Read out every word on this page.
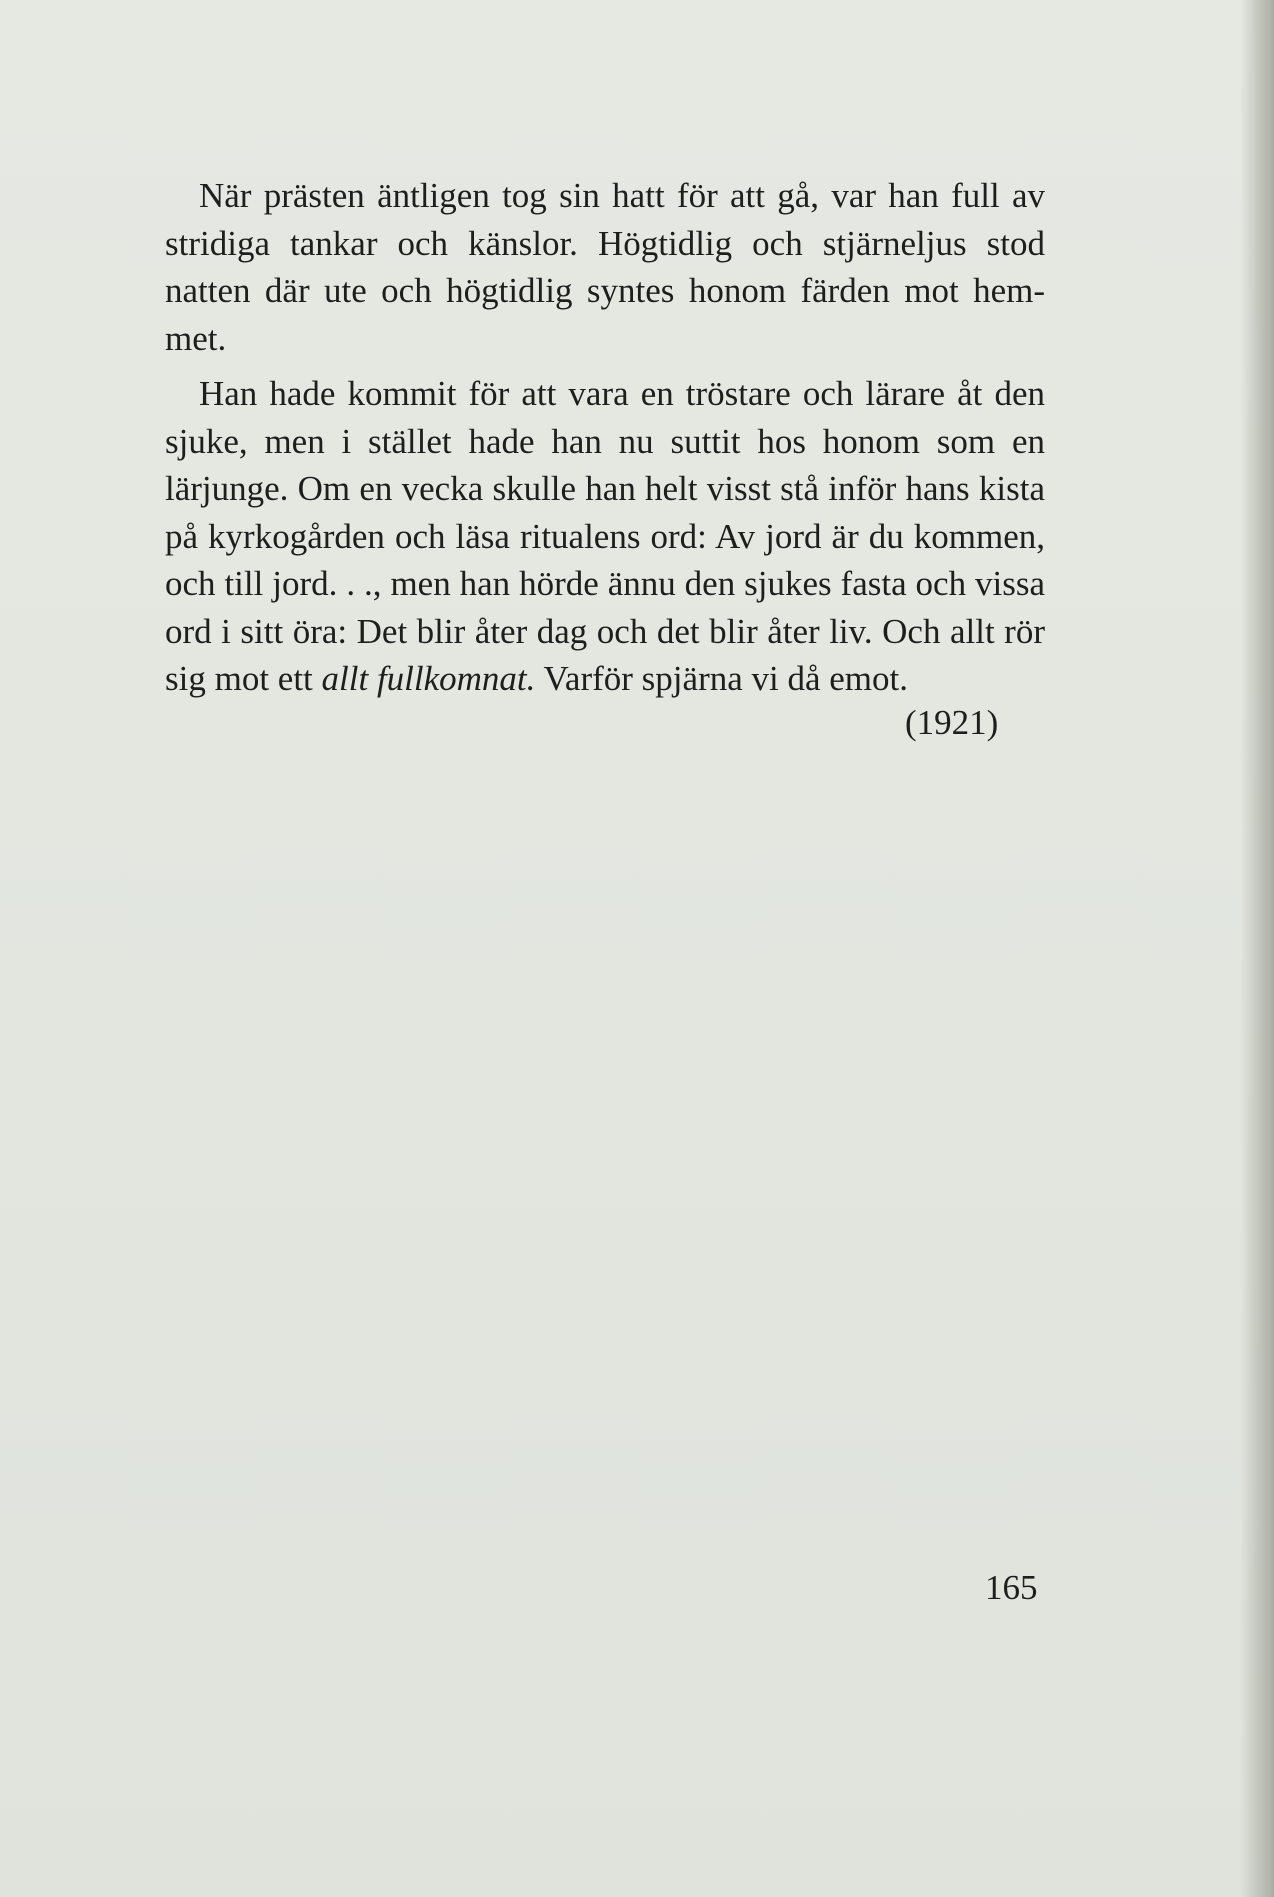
När prästen äntligen tog sin hatt för att gå, var han full av stridiga tankar och känslor. Högtidlig och stjärneljus stod natten där ute och högtidlig syntes honom färden mot hem-met.

Han hade kommit för att vara en tröstare och lärare åt den sjuke, men i stället hade han nu suttit hos honom som en lärjunge. Om en vecka skulle han helt visst stå inför hans kista på kyrkogården och läsa ritualens ord: Av jord är du kommen, och till jord. . ., men han hörde ännu den sjukes fasta och vissa ord i sitt öra: Det blir åter dag och det blir åter liv. Och allt rör sig mot ett allt fullkomnat. Varför spjärna vi då emot.

(1921)
165
